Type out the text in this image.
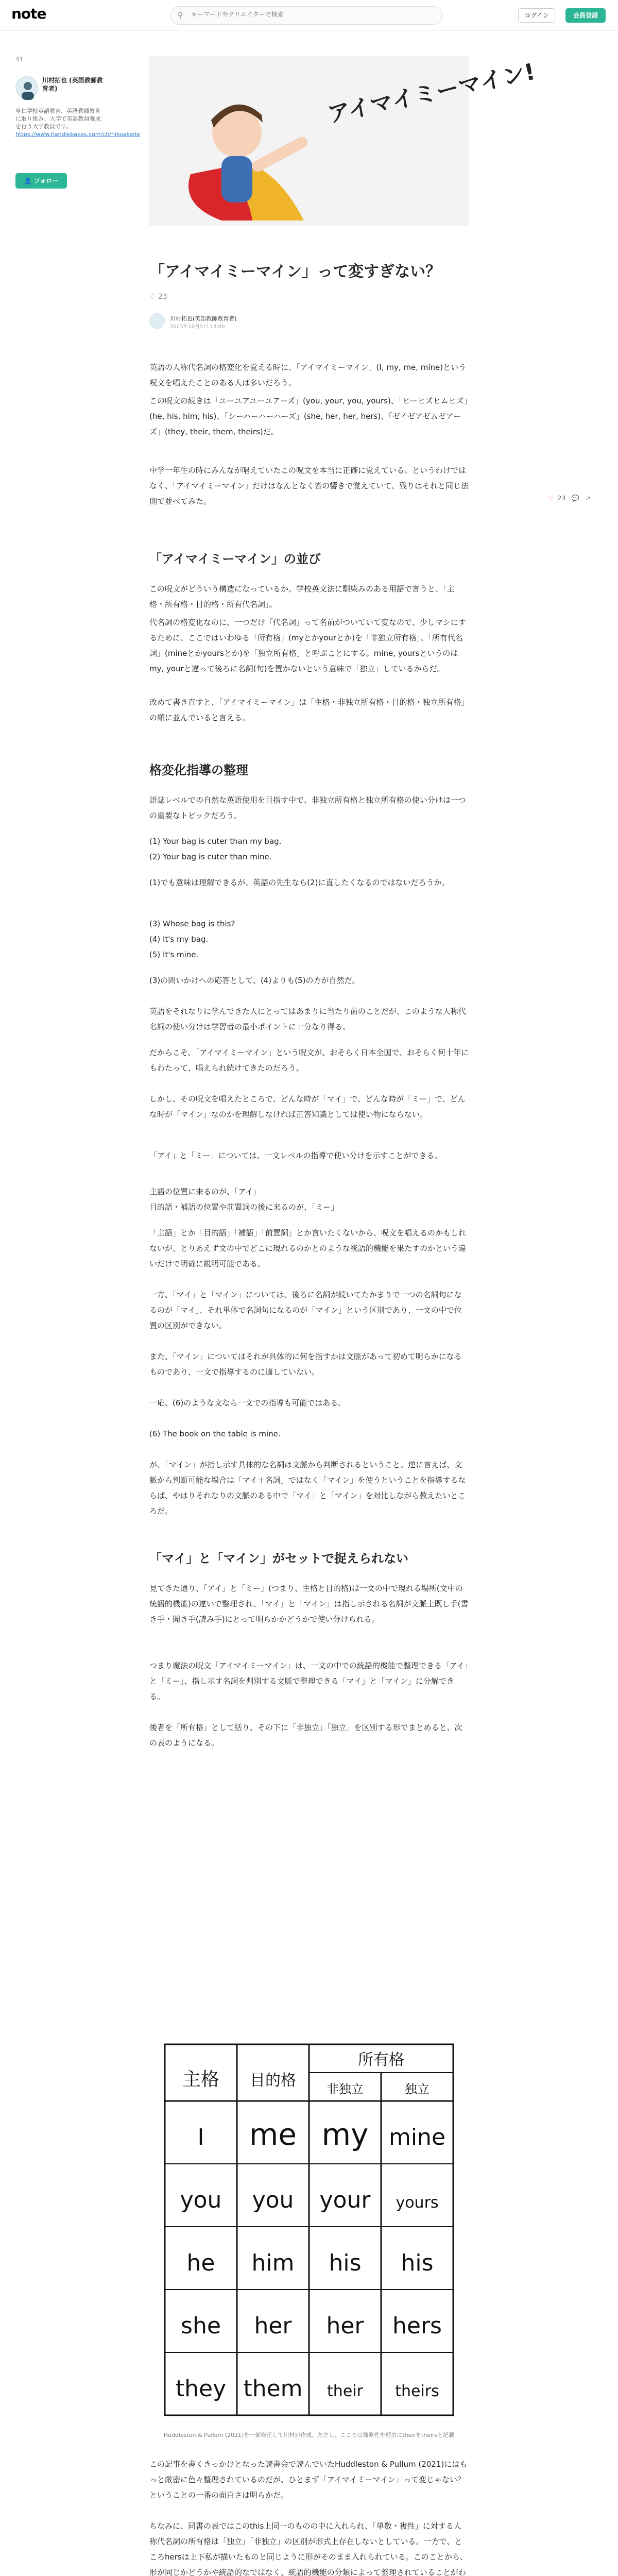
note	⚲
キーワードやクリエイターで検索	ログイン	会員登録
41
川村拓也 (英語教師教育者)
皇仁学校英語教育、英語教師教育に取り組み、大学で英語教員養成を行う大学教員です。
https://www.handlebakes.com/ch/nikoakeite
👤 フォロー
♡ 23 💬 ↗
アイマイミーマイン!
「アイマイミーマイン」って変すぎない？
♡ 23
川村拓也(英語教師教育者)
2023年10月5日 13:00

英語の人称代名詞の格変化を覚える時に、「アイマイミーマイン」(I, my, me, mine)という呪文を唱えたことのある人は多いだろう。

この呪文の続きは「ユーユアユーユアーズ」(you, your, you, yours)、「ヒーヒズヒムヒズ」(he, his, him, his)、「シーハーハーハーズ」(she, her, her, hers)、「ゼイゼアゼムゼアーズ」(they, their, them, theirs)だ。

中学一年生の時にみんなが唱えていたこの呪文を本当に正確に覚えている。というわけではなく、「アイマイミーマイン」だけはなんとなく皆の響きで覚えていて、残りはそれと同じ法則で並べてみた。

「アイマイミーマイン」の並び

この呪文がどういう構造になっているか。学校英文法に馴染みのある用語で言うと、「主格・所有格・目的格・所有代名詞」。

代名詞の格変化なのに、一つだけ「代名詞」って名前がついていて変なので、少しマシにするために、ここではいわゆる「所有格」(myとかyourとか)を「非独立所有格」、「所有代名詞」(mineとかyoursとか)を「独立所有格」と呼ぶことにする。mine, yoursというのはmy, yourと違って後ろに名詞(句)を置かないという意味で「独立」しているからだ。

改めて書き直すと、「アイマイミーマイン」は「主格・非独立所有格・目的格・独立所有格」の順に並んでいると言える。

格変化指導の整理

語誌レベルでの自然な英語使用を目指す中で、非独立所有格と独立所有格の使い分けは一つの重要なトピックだろう。

(1) Your bag is cuter than my bag.

(2) Your bag is cuter than mine.

(1)でも意味は理解できるが、英語の先生なら(2)に直したくなるのではないだろうか。

(3) Whose bag is this?

(4) It's my bag.

(5) It's mine.

(3)の問いかけへの応答として、(4)よりも(5)の方が自然だ。

英語をそれなりに学んできた人にとってはあまりに当たり前のことだが、このような人称代名詞の使い分けは学習者の最小ポイントに十分なり得る。

だからこそ、「アイマイミーマイン」という呪文が、おそらく日本全国で、おそらく何十年にもわたって、唱えられ続けてきたのだろう。

しかし、その呪文を唱えたところで、どんな時が「マイ」で、どんな時が「ミー」で、どんな時が「マイン」なのかを理解しなければ正答知識としては使い物にならない。

「アイ」と「ミー」については、一文レベルの指導で使い分けを示すことができる。

主語の位置に来るのが、「アイ」

目的語・補語の位置や前置詞の後に来るのが、「ミー」

「主語」とか「目的語」「補語」「前置詞」とか言いたくないから、呪文を唱えるのかもしれないが、とりあえず文の中でどこに現れるのかとのような統語的機能を果たすのかという違いだけで明確に説明可能である。

一方、「マイ」と「マイン」については、後ろに名詞が続いてたかまりで一つの名詞句になるのが「マイ」、それ単体で名詞句になるのが「マイン」という区別であり、一文の中で位置の区別ができない。

また、「マイン」についてはそれが具体的に何を指すかは文脈があって初めて明らかになるものであり、一文で指導するのに適していない。

一応、(6)のような文なら一文での指導も可能ではある。

(6) The book on the table is mine.

が、「マイン」が指し示す具体的な名詞は文脈から判断されるということ。逆に言えば、文脈から判断可能な場合は「マイ＋名詞」ではなく「マイン」を使うということを指導するならば、やはりそれなりの文脈のある中で「マイ」と「マイン」を対比しながら教えたいところだ。

「マイ」と「マイン」がセットで捉えられない

見てきた通り、「アイ」と「ミー」(つまり、主格と目的格)は一文の中で現れる場所(文中の統語的機能)の違いで整理され、「マイ」と「マイン」は指し示される名詞が文脈上既し手(書き手・聞き手(読み手)にとって明らかかどうかで使い分けられる。

つまり魔法の呪文「アイマイミーマイン」は、一文の中での統語的機能で整理できる「アイ」と「ミー」、指し示す名詞を判別する文脈で整理できる「マイ」と「マイン」に分解できる。

後者を「所有格」として括り、その下に「非独立」「独立」を区別する形でまとめると、次の表のようになる。

主格 目的格
所有格
非独立	独立
I me my mine
you you your yours
he him his his
she her her hers
they them their theirs
Huddleston & Pullum (2021)を一部修正して川村が作成。ただし、ここでは簡略性を理由にtheirをtheirsと記載

この記事を書くきっかけとなった読書会で読んでいたHuddleston & Pullum (2021)にはもっと厳密に色々整理されているのだが、ひとまず「アイマイミーマイン」って変じゃない？ということの一番の面白さは明らかだ。

ちなみに、同書の表ではこのthis上同一のものの中に入れられ、「単数・複性」に対する人称代名詞の所有格は「独立」「非独立」の区別が形式上存在しないとしている。一方で、ところhersは上下私が描いたものと同じように形がそのまま入れられている。このことから、形が同じかどうかや統語的なではなく、統語的機能の分類によって整理されていることがわ
